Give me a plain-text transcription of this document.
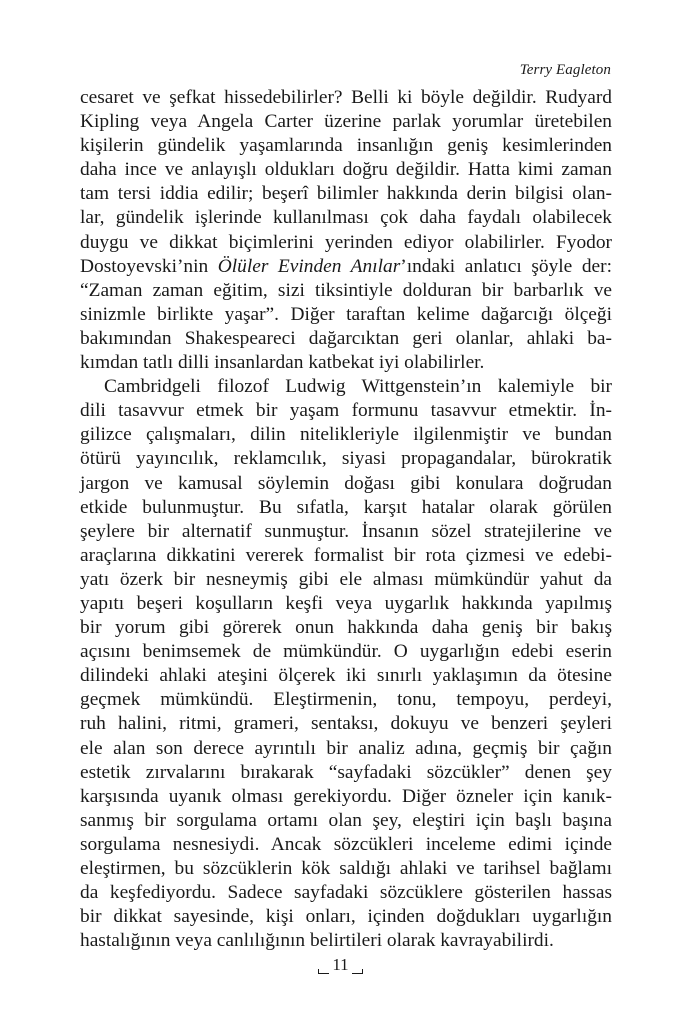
Terry Eagleton
cesaret ve şefkat hissedebilirler? Belli ki böyle değildir. Rudyard
Kipling veya Angela Carter üzerine parlak yorumlar üretebilen
kişilerin gündelik yaşamlarında insanlığın geniş kesimlerinden
daha ince ve anlayışlı oldukları doğru değildir. Hatta kimi zaman
tam tersi iddia edilir; beşerî bilimler hakkında derin bilgisi olan-
lar, gündelik işlerinde kullanılması çok daha faydalı olabilecek
duygu ve dikkat biçimlerini yerinden ediyor olabilirler. Fyodor
Dostoyevski’nin Ölüler Evinden Anılar’ındaki anlatıcı şöyle der:
“Zaman zaman eğitim, sizi tiksintiyle dolduran bir barbarlık ve
sinizmle birlikte yaşar”. Diğer taraftan kelime dağarcığı ölçeği
bakımından Shakespeareci dağarcıktan geri olanlar, ahlaki ba-
kımdan tatlı dilli insanlardan katbekat iyi olabilirler.
Cambridgeli filozof Ludwig Wittgenstein’ın kalemiyle bir
dili tasavvur etmek bir yaşam formunu tasavvur etmektir. İn-
gilizce çalışmaları, dilin nitelikleriyle ilgilenmiştir ve bundan
ötürü yayıncılık, reklamcılık, siyasi propagandalar, bürokratik
jargon ve kamusal söylemin doğası gibi konulara doğrudan
etkide bulunmuştur. Bu sıfatla, karşıt hatalar olarak görülen
şeylere bir alternatif sunmuştur. İnsanın sözel stratejilerine ve
araçlarına dikkatini vererek formalist bir rota çizmesi ve edebi-
yatı özerk bir nesneymiş gibi ele alması mümkündür yahut da
yapıtı beşeri koşulların keşfi veya uygarlık hakkında yapılmış
bir yorum gibi görerek onun hakkında daha geniş bir bakış
açısını benimsemek de mümkündür. O uygarlığın edebi eserin
dilindeki ahlaki ateşini ölçerek iki sınırlı yaklaşımın da ötesine
geçmek mümkündü. Eleştirmenin, tonu, tempoyu, perdeyi,
ruh halini, ritmi, grameri, sentaksı, dokuyu ve benzeri şeyleri
ele alan son derece ayrıntılı bir analiz adına, geçmiş bir çağın
estetik zırvalarını bırakarak “sayfadaki sözcükler” denen şey
karşısında uyanık olması gerekiyordu. Diğer özneler için kanık-
sanmış bir sorgulama ortamı olan şey, eleştiri için başlı başına
sorgulama nesnesiydi. Ancak sözcükleri inceleme edimi içinde
eleştirmen, bu sözcüklerin kök saldığı ahlaki ve tarihsel bağlamı
da keşfediyordu. Sadece sayfadaki sözcüklere gösterilen hassas
bir dikkat sayesinde, kişi onları, içinden doğdukları uygarlığın
hastalığının veya canlılığının belirtileri olarak kavrayabilirdi.
11
